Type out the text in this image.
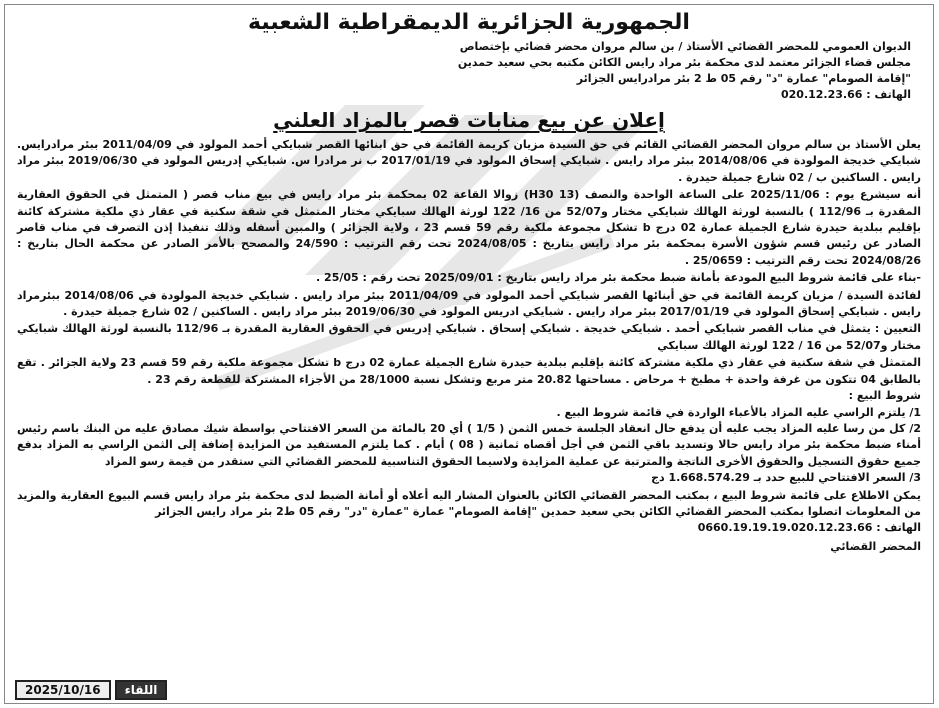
الجمهورية الجزائرية الديمقراطية الشعبية
الديوان العمومي للمحضر القضائي الأستاذ / بن سالم مروان محضر قضائي بإختصاص
مجلس قضاء الجزائر معتمد لدى محكمة بئر مراد رايس الكائن مكتبه بحي سعيد حمدين
"إقامة الصومام" عمارة "د" رقم 05 ط 2 بئر مرادرايس الجزائر
الهاتف : 020.12.23.66
إعلان عن بيع منابات قصر بالمزاد العلني

يعلن الأستاذ بن سالم مروان المحضر القضائي القائم في حق السيدة مزيان كريمة القائمة في حق ابنائها القصر شبايكي أحمد المولود في 2011/04/09 ببئر مرادرايس. شبايكي خديجة المولودة في 2014/08/06 ببئر مراد رايس . شبايكي إسحاق المولود في 2017/01/19 ب نر مرادرا س. شبايكي إدريس المولود في 2019/06/30 ببئر مراد رايس . الساكنين ب / 02 شارع جميلة حيدرة .

أنه سيشرع يوم : 2025/11/06 على الساعة الواحدة والنصف (13 H30) زوالا القاعة 02 بمحكمة بئر مراد رايس في بيع مناب قصر ( المتمثل في الحقوق العقارية المقدرة بـ 112/96 ) بالنسبة لورثة الهالك شبايكي مختار و52/07 من 16/ 122 لورثة الهالك سبايكي مختار المتمثل في شقة سكنية في عقار ذي ملكية مشتركة كائنة بإقليم ببلدية حيدرة شارع الجميلة عمارة 02 درج b تشكل مجموعة ملكية رقم 59 قسم 23 ، ولاية الجزائر ) والمبين أسفله وذلك تنفيذا إذن التصرف في مناب قاصر الصادر عن رئيس قسم شؤون الأسرة بمحكمة بئر مراد رايس بتاريخ : 2024/08/05 تحت رقم الترتيب : 24/590 والمصحح بالأمر الصادر عن محكمة الحال بتاريخ : 2024/08/26 تحت رقم الترتيب : 25/0659 .

-بناء على قائمة شروط البيع المودعة بأمانة ضبط محكمة بئر مراد رايس بتاريخ : 2025/09/01 تحت رقم : 25/05 .

لفائدة السيدة / مزيان كريمة القائمة في حق أبنائها القصر شبايكي أحمد المولود في 2011/04/09 ببئر مراد رايس . شبايكي خديجة المولودة في 2014/08/06 ببئرمراد رايس . شبايكي إسحاق المولود في 2017/01/19 ببئر مراد رايس . شبايكي ادريس المولود في 2019/06/30 ببئر مراد رايس . الساكنين / 02 شارع جميلة حيدرة .

التعيين : يتمثل في مناب القصر شبايكي أحمد . شبايكي خديجة . شبايكي إسحاق . شبايكي إدريس في الحقوق العقارية المقدرة بـ 112/96 بالنسبة لورثة الهالك شبايكي مختار و52/07 من 16 / 122 لورثة الهالك سبايكي

المتمثل في شقة سكنية في عقار ذي ملكية مشتركة كائنة بإقليم ببلدية حيدرة شارع الجميلة عمارة 02 درج b تشكل مجموعة ملكية رقم 59 قسم 23 ولاية الجزائر . تقع بالطابق 04 تتكون من غرفة واحدة + مطبخ + مرحاض . مساحتها 20.82 متر مربع وتشكل نسبة 28/1000 من الأجزاء المشتركة للقطعة رقم 23 .

شروط البيع :

1/ يلتزم الراسي عليه المزاد بالأعباء الواردة في قائمة شروط البيع .

2/ كل من رسا عليه المزاد يجب عليه أن يدفع حال انعقاد الجلسة خمس الثمن ( 1/5 ) أي 20 بالمائة من السعر الافتتاحي بواسطة شيك مصادق عليه من البنك باسم رئيس أمناء ضبط محكمة بئر مراد رايس حالا وتسديد باقي الثمن في أجل أقصاه ثمانية ( 08 ) أيام . كما يلتزم المستفيد من المزايدة إضافة إلى الثمن الراسي به المزاد بدفع جميع حقوق التسجيل والحقوق الأخرى الناتجة والمترتبة عن عملية المزايدة ولاسيما الحقوق التناسبية للمحضر القضائي التي ستقدر من قيمة رسو المزاد

3/ السعر الافتتاحي للبيع حدد بـ 1.668.574.29 دج

يمكن الاطلاع على قائمة شروط البيع ، بمكتب المحضر القضائي الكائن بالعنوان المشار اليه أعلاه أو أمانة الضبط لدى محكمة بئر مراد رايس قسم البيوع العقارية والمزيد من المعلومات اتصلوا بمكتب المحضر القضائي الكائن بحي سعيد حمدين "إقامة الصومام" عمارة "عمارة "در" رقم 05 ط2 بئر مراد رايس الجزائر

الهاتف : 0660.19.19.19.020.12.23.66

المحضر القضائي
2025/10/16	اللقاء
